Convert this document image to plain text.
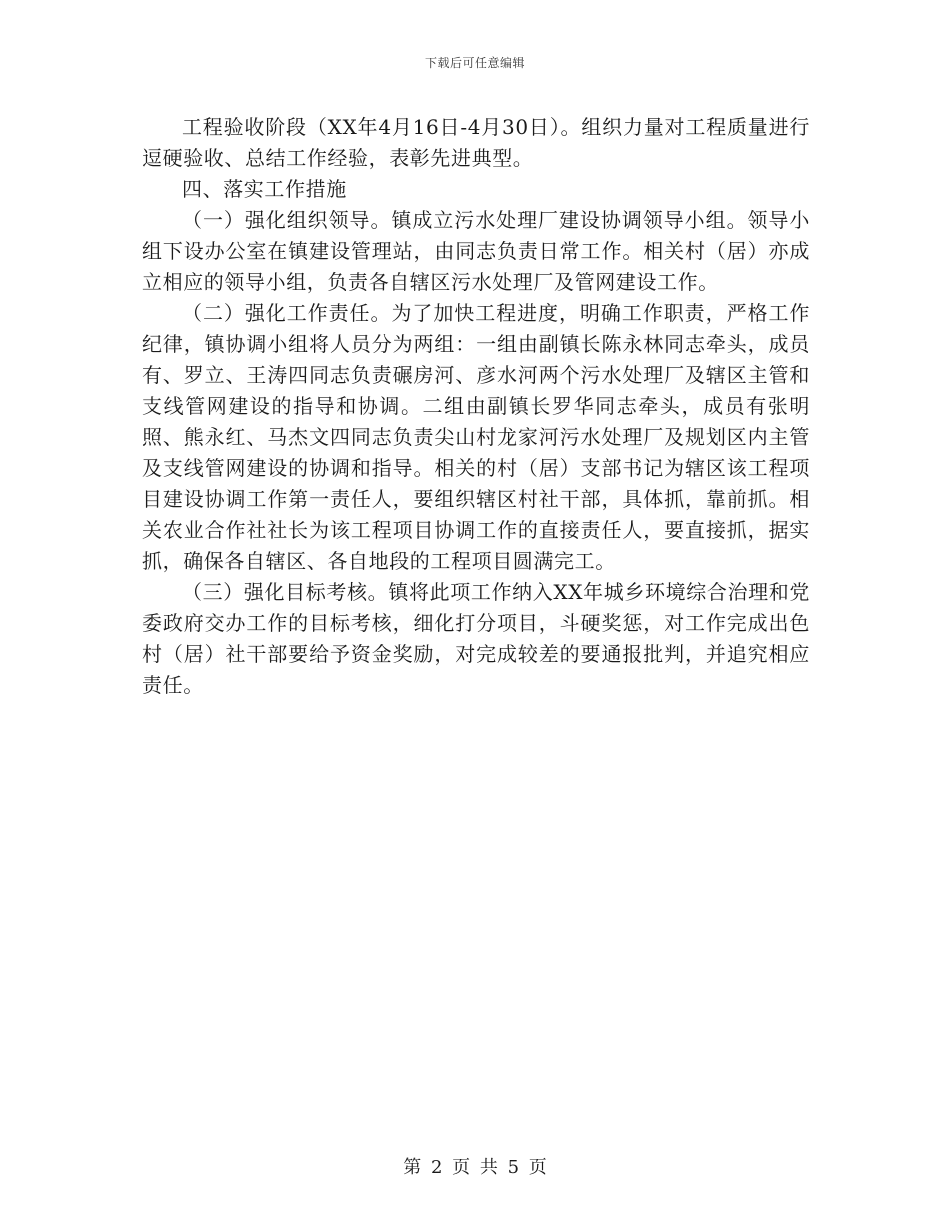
下载后可任意编辑

工程验收阶段（XX年4月16日-4月30日）。组织力量对工程质量进行逗硬验收、总结工作经验，表彰先进典型。

四、落实工作措施

（一）强化组织领导。镇成立污水处理厂建设协调领导小组。领导小组下设办公室在镇建设管理站，由同志负责日常工作。相关村（居）亦成立相应的领导小组，负责各自辖区污水处理厂及管网建设工作。

（二）强化工作责任。为了加快工程进度，明确工作职责，严格工作纪律，镇协调小组将人员分为两组：一组由副镇长陈永林同志牵头，成员有、罗立、王涛四同志负责碾房河、彦水河两个污水处理厂及辖区主管和支线管网建设的指导和协调。二组由副镇长罗华同志牵头，成员有张明照、熊永红、马杰文四同志负责尖山村龙家河污水处理厂及规划区内主管及支线管网建设的协调和指导。相关的村（居）支部书记为辖区该工程项目建设协调工作第一责任人，要组织辖区村社干部，具体抓，靠前抓。相关农业合作社社长为该工程项目协调工作的直接责任人，要直接抓，据实抓，确保各自辖区、各自地段的工程项目圆满完工。

（三）强化目标考核。镇将此项工作纳入XX年城乡环境综合治理和党委政府交办工作的目标考核，细化打分项目，斗硬奖惩，对工作完成出色村（居）社干部要给予资金奖励，对完成较差的要通报批判，并追究相应责任。

第 2 页 共 5 页
